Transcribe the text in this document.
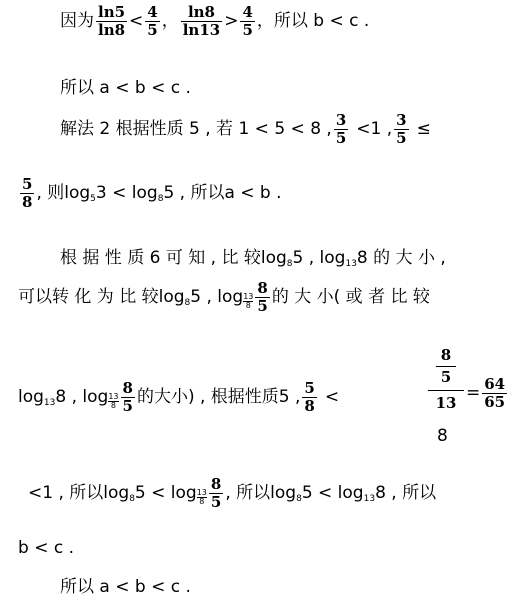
因为 $\frac{\ln 5}{\ln 8} < \frac{4}{5}$ ， $\frac{\ln 8}{\ln 13} > \frac{4}{5}$ ，所以 b < c .
所以 a < b < c .
解法 2 根据性质 5 , 若 1 < 5 < 8 , $\frac{3}{5} <1$ , $\frac{3}{5}$ ≤
$\frac{5}{8}$ , 则$\log_53 < \log_85$ , 所以a < b .
根 据 性 质 6 可 知 , 比 较$\log_85$ , $\log_{13}8$ 的 大 小 ,
可以转 化 为 比 较$\log_85$ , $\log \frac{13}{8} \frac{8}{5}$ 的 大 小( 或 者 比 较
$\log_{13}8$ , $\log \frac{13}{8} \frac{8}{5}$ 的大小) , 根据性质5 , $\frac{5}{8}$ <
8
5
13
8
= $\frac{64}{65}$
<1 , 所以$\log_85 < \log \frac{13}{8} \frac{8}{5}$ , 所以$\log_85 < \log_{13}8$ , 所以
b < c .
所以 a < b < c .
